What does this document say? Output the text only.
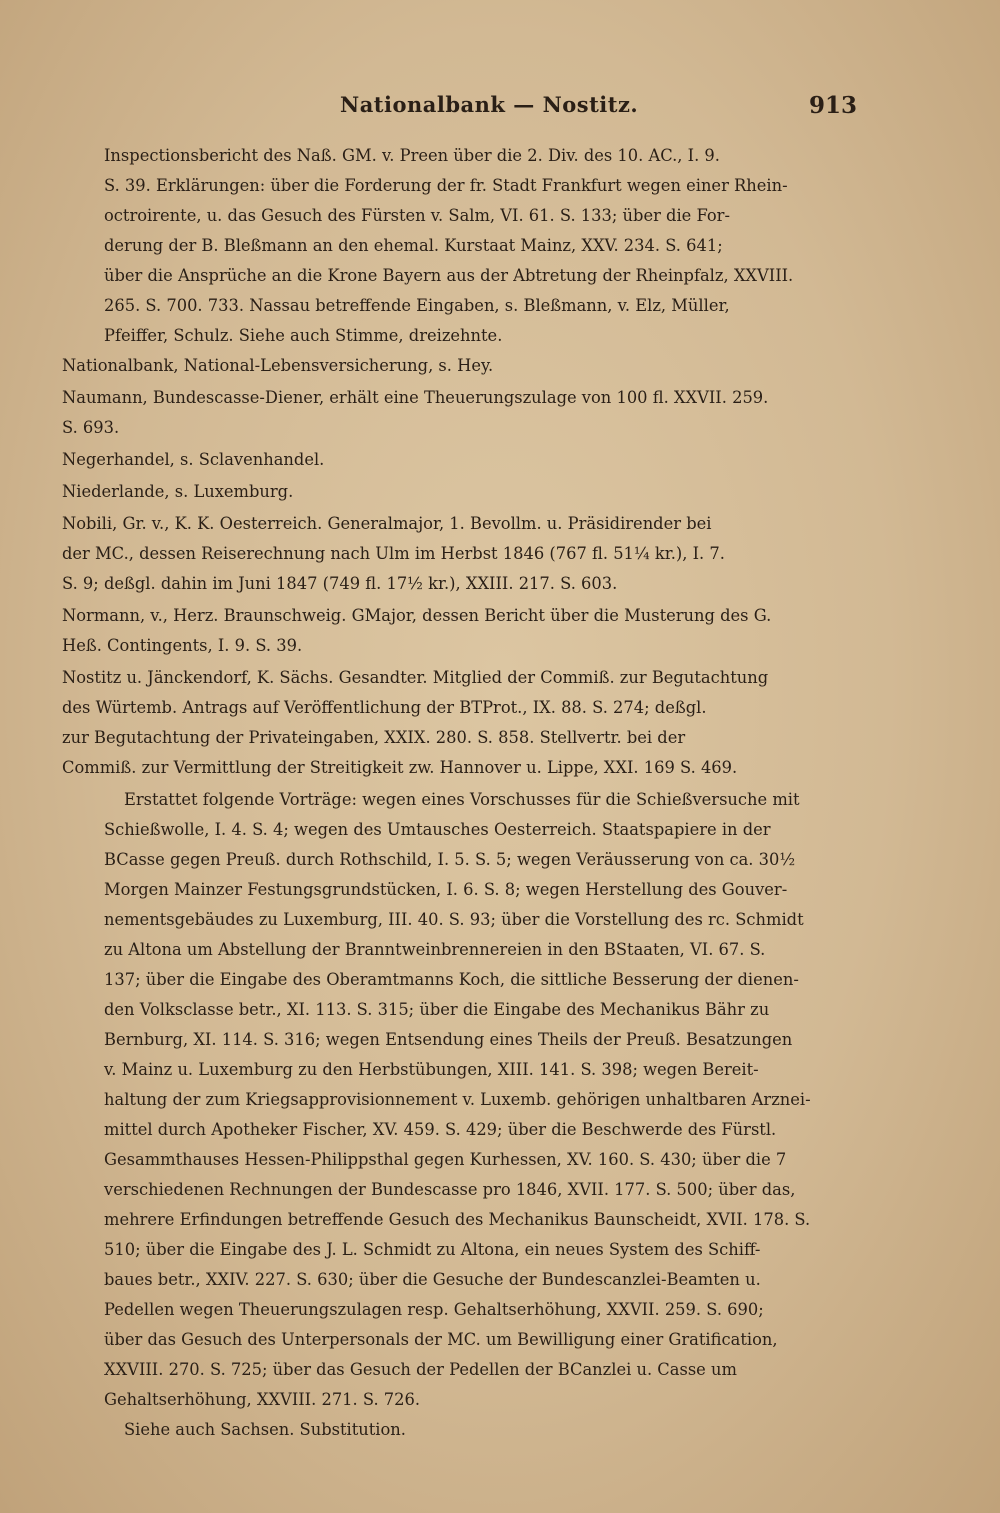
Nationalbank — Nostitz.	913
Inspectionsbericht des Naß. GM. v. Preen über die 2. Div. des 10. AC., I. 9.
S. 39. Erklärungen: über die Forderung der fr. Stadt Frankfurt wegen einer Rhein-
octroirente, u. das Gesuch des Fürsten v. Salm, VI. 61. S. 133; über die For-
derung der B. Bleßmann an den ehemal. Kurstaat Mainz, XXV. 234. S. 641;
über die Ansprüche an die Krone Bayern aus der Abtretung der Rheinpfalz, XXVIII.
265. S. 700. 733. Nassau betreffende Eingaben, s. Bleßmann, v. Elz, Müller,
Pfeiffer, Schulz. Siehe auch Stimme, dreizehnte.
Nationalbank, National-Lebensversicherung, s. Hey.
Naumann, Bundescasse-Diener, erhält eine Theuerungszulage von 100 fl. XXVII. 259.
S. 693.
Negerhandel, s. Sclavenhandel.
Niederlande, s. Luxemburg.
Nobili, Gr. v., K. K. Oesterreich. Generalmajor, 1. Bevollm. u. Präsidirender bei
der MC., dessen Reiserechnung nach Ulm im Herbst 1846 (767 fl. 51¼ kr.), I. 7.
S. 9; deßgl. dahin im Juni 1847 (749 fl. 17½ kr.), XXIII. 217. S. 603.
Normann, v., Herz. Braunschweig. GMajor, dessen Bericht über die Musterung des G.
Heß. Contingents, I. 9. S. 39.
Nostitz u. Jänckendorf, K. Sächs. Gesandter. Mitglied der Commiß. zur Begutachtung
des Würtemb. Antrags auf Veröffentlichung der BTProt., IX. 88. S. 274; deßgl.
zur Begutachtung der Privateingaben, XXIX. 280. S. 858. Stellvertr. bei der
Commiß. zur Vermittlung der Streitigkeit zw. Hannover u. Lippe, XXI. 169 S. 469.
Erstattet folgende Vorträge: wegen eines Vorschusses für die Schießversuche mit
Schießwolle, I. 4. S. 4; wegen des Umtausches Oesterreich. Staatspapiere in der
BCasse gegen Preuß. durch Rothschild, I. 5. S. 5; wegen Veräusserung von ca. 30½
Morgen Mainzer Festungsgrundstücken, I. 6. S. 8; wegen Herstellung des Gouver-
nementsgebäudes zu Luxemburg, III. 40. S. 93; über die Vorstellung des rc. Schmidt
zu Altona um Abstellung der Branntweinbrennereien in den BStaaten, VI. 67. S.
137; über die Eingabe des Oberamtmanns Koch, die sittliche Besserung der dienen-
den Volksclasse betr., XI. 113. S. 315; über die Eingabe des Mechanikus Bähr zu
Bernburg, XI. 114. S. 316; wegen Entsendung eines Theils der Preuß. Besatzungen
v. Mainz u. Luxemburg zu den Herbstübungen, XIII. 141. S. 398; wegen Bereit-
haltung der zum Kriegsapprovisionnement v. Luxemb. gehörigen unhaltbaren Arznei-
mittel durch Apotheker Fischer, XV. 459. S. 429; über die Beschwerde des Fürstl.
Gesammthauses Hessen-Philippsthal gegen Kurhessen, XV. 160. S. 430; über die 7
verschiedenen Rechnungen der Bundescasse pro 1846, XVII. 177. S. 500; über das,
mehrere Erfindungen betreffende Gesuch des Mechanikus Baunscheidt, XVII. 178. S.
510; über die Eingabe des J. L. Schmidt zu Altona, ein neues System des Schiff-
baues betr., XXIV. 227. S. 630; über die Gesuche der Bundescanzlei-Beamten u.
Pedellen wegen Theuerungszulagen resp. Gehaltserhöhung, XXVII. 259. S. 690;
über das Gesuch des Unterpersonals der MC. um Bewilligung einer Gratification,
XXVIII. 270. S. 725; über das Gesuch der Pedellen der BCanzlei u. Casse um
Gehaltserhöhung, XXVIII. 271. S. 726.
Siehe auch Sachsen. Substitution.
